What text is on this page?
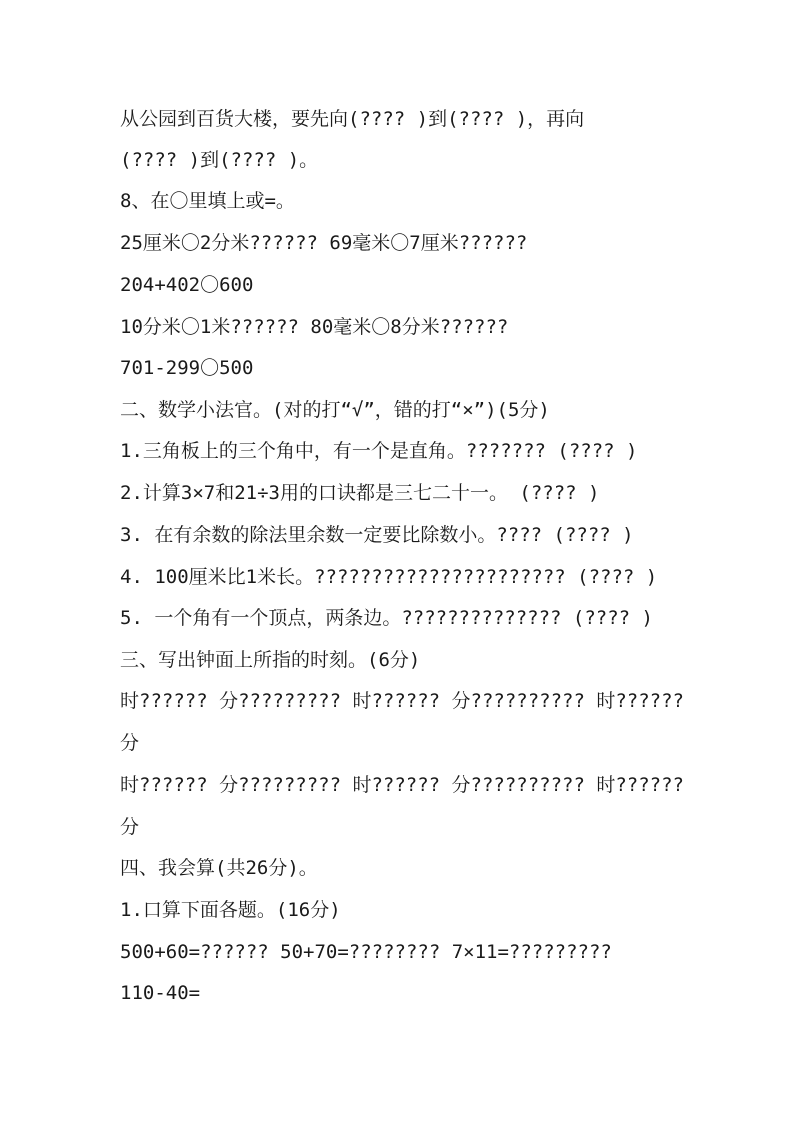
从公园到百货大楼，要先向(???? )到(???? )，再向
(???? )到(???? )。
8、在〇里填上或=。
25厘米〇2分米?????? 69毫米〇7厘米??????
204+402〇600
10分米〇1米?????? 80毫米〇8分米??????
701-299〇500
二、数学小法官。(对的打“√”，错的打“×”)(5分)
1.三角板上的三个角中，有一个是直角。??????? (???? )
2.计算3×7和21÷3用的口诀都是三七二十一。 (???? )
3. 在有余数的除法里余数一定要比除数小。???? (???? )
4. 100厘米比1米长。?????????????????????? (???? )
5. 一个角有一个顶点，两条边。?????????????? (???? )
三、写出钟面上所指的时刻。(6分)
时?????? 分????????? 时?????? 分?????????? 时??????
分
时?????? 分????????? 时?????? 分?????????? 时??????
分
四、我会算(共26分)。
1.口算下面各题。(16分)
500+60=?????? 50+70=???????? 7×11=?????????
110-40=
